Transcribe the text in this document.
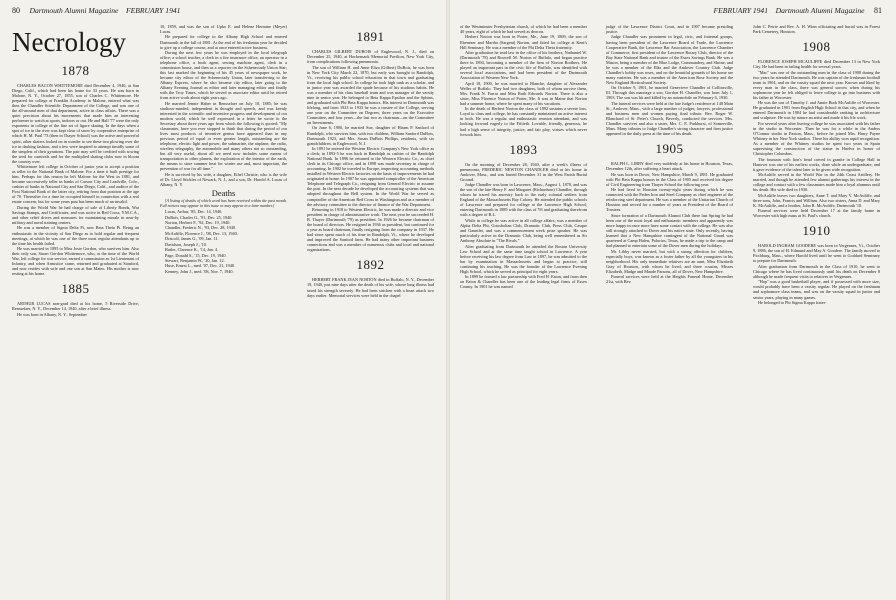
80 Dartmouth Alumni Magazine FEBRUARY 1941
Necrology
1878

CHARLES BACON WHITTEMORE died December 4, 1940, at San Diego, Calif., which had been his home for 33 years. He was born in Malone, N. Y., October 27, 1855, son of Charles C. Whittemore. He prepared for college at Franklin Academy in Malone, entered what was then the Chandler Scientific Department of the College, and was one of the all-around men of that department, active in class affairs. There was a quiet precision about his movements that made him an interesting performer to watch at sports, indoors or out. He and Hall '77 were the only exponents in college of the fine art of figure skating. In the days when a spot of ice in the river was kept clear of snow by cooperative enterprise of which H. M. Paul '73 (then in Thayer School) was the active and powerful spirit, other skaters looked on in wonder to see these two plowing over the ice in dashing fashion, and a few were inspired to attempt timidly some of the simplest of their gyrations. The pair may well be credited with sowing the seed for carnivals and for the multiplied skating clubs now in bloom the country over.

Whittemore left college in October of junior year to accept a position as teller in the National Bank of Malone. For a time it built prestige for him. Perhaps for this reason he left Malone for the West in 1881, and became successively teller in banks of Carson City and Leadville, Colo., cashier of banks in National City and San Diego, Calif., and auditor of the First National Bank of the latter city, retiring from that position at the age of 70. Thereafter for a time he occupied himself in connection with a real estate concern, but for some years past has been much of an invalid.

During the World War he had charge of sale of Liberty Bonds, War Savings Stamps, and Certificates, and was active in Red Cross, Y.M.C.A., and other relief drives and measures for maintaining morale in near-by military and naval training centers.

He was a member of Sigma Delta Pi, now Beta Theta Pi. Being an enthusiastic in the vicinity of San Diego as to hold regular and frequent meetings, at which he was one of the three most regular attendants up to the time his health failed.

He was married in 1895 to Miss Josie Gordon, who survives him. Also their only son, Stuart Gordon Whittemore, who, at the time of the World War, left college for war service, earned a commission as 1st Lieutenant of Infantry, and when Armistice came, returned and graduated at Stanford, and now resides with wife and one son at San Mateo. His mother is now resting at his home.

1885

ARTHUR LUCAS non-grad died at his home, 5 Riverside Drive, Rensselaer, N. Y., December 14, 1940, after a brief illness.

He was born in Albany, N. Y., September

10, 1859, and was the son of Upko E. and Helene Hermine (Meyer) Lucas.

He prepared for college in the Albany High School and entered Dartmouth in the fall of 1881. At the end of his freshman year he decided to give up a college course, and at once entered active business.

During the next few years he was employed in the local telegraph office; a school teacher, a clerk in a fire insurance office, an operator in a telephone office, a book agent, sewing machine agent, clerk in a commission house, and then as a reporter on the Schenectady Union Star; this last marked the beginning of his 45 years of newspaper work, he became city editor of the Schenectady Union, later transferring to the Albany Express, where he also became city editor, later going to the Albany Evening Journal as editor and later managing editor and finally with the Troy Times, which he served as associate editor until he retired from active work about eight years ago.

He married Jennie Haber in Rensselaer on July 10, 1885; he was studious-minded, independent in thought and speech, and was keenly interested in the scientific and inventive progress and development of our modern world, which he well expressed in a letter he wrote to the Secretary about three years ago from which the following is quoted: "My classmates, have you ever stopped to think that during the period of our lives most products of inventive genius have appeared than in any previous period of equal or even greater length, outstanding are the telephone, electric light and power, the submarine, the airplane, the radio, wireless telegraphy, the automobile and many others not so outstanding, but all very useful, about all we need now includes some means of transportation to other planets, the exploration of the interior of the earth, the means to store summer heat for winter use and, most important, the prevention of war for all time."

He is survived by his wife, a daughter, Ethel Christie, who is the wife of Dr. Lloyd Stickles of Newark, N. J., and a son, Dr. Harold A. Lucas of Albany, N. Y.

Deaths

[A listing of deaths of which word has been received within the past month. Full notices may appear in this issue or may appear in a later number.]

Lucas, Arthur, '85, Dec. 14, 1940.

DuBois, Charles G., '91, Dec. 25, 1940.

Norton, Herbert F., '92, Dec. 19, 1940.

Chandler, Frederic N., '93, Dec. 28, 1940.

McAuliffe, Florence J., '08, Dec. 13, 1940.

Driscoll, James G., '09, Jan. 11.

Davidson, Joseph J., '10.

Butler, Clarence K., '14, Jan. 4.

Page, Donald S., '15, Dec. 19, 1940.

Stewart, Benjamin W., '20, Jan. 12.

Huse, Ernest L., med. '07, Dec. 21, 1940.

Kenney, John J., med. '08, Nov. 7, 1940.

1891

CHARLES GILBERT DUBOIS of Englewood, N. J., died on December 25, 1940, at Hackensack Memorial Pavilion, New York City, from complications following pneumonia.

The son of William H. and Anne Eliza (Gilbert) DuBois, he was born in New York City March 22, 1870, but early was brought to Randolph, Vt., receiving his public school education in that town and graduating from the local high school. In college he took high rank as a scholar, and in junior year was awarded the spade because of his studious habits. He was a member of his class baseball team and was manager of the varsity nine in senior year. He belonged to Beta Kappa Epsilon and the Sphinx, and graduated with Phi Beta Kappa honors. His interest in Dartmouth was lifelong, and from 1923 to 1933 he was a trustee of the College, serving one year on the Committee on Degrees, three years on the Executive Committee, and four years—the last two as chairman—on the Committee on Investments.

On June 6, 1900, he married Sue, daughter of Hiram P. Sanford of Randolph, who survives him, with two children, William Sanford DuBois, Dartmouth 1923, and Mrs. Susan DuBois Phillips, residents, with six grandchildren, in Englewood, N. J.

In 1891 he entered the Western Electric Company's New York office as a clerk; in 1893-5 he was back in Randolph as cashier of the Randolph National Bank. In 1896 he returned to the Western Electric Co., as chief clerk in its Chicago office, and in 1898 was made secretary in charge of accounting. In 1902 he traveled in Europe, inspecting accounting methods installed in Western Electric factories on the basis of improvements he had originated at home. In 1907 he was appointed comptroller of the American Telephone and Telegraph Co., resigning from General Electric to assume the post. In the next decade he developed the accounting systems that was adopted throughout the Bell system. In the World War he served as comptroller of the American Red Cross in Washington and as a member of the advisory committee to the director of finance of the War Department.

Returning in 1918 to Western Electric, he was made a director and vice president in charge of administrative work. The next year he succeeded H. B. Thayer (Dartmouth '79) as president. In 1926 he became chairman of the board of directors. He resigned in 1936 as president, but continued for a year as board chairman, finally resigning from the company in 1937. He had since spent much of his time in Randolph, Vt., where he developed and improved the Sanford farm. He had many other important business connections and was a member of numerous clubs and local and national organizations.

1892

HERBERT FRANK JEAN NORTON died in Buffalo, N. Y., December 19, 1940, just nine days after the death of his wife, whose long illness had taxed his strength severely. He had been stricken with a heart attack two days earlier. Memorial services were held in the chapel

FEBRUARY 1941 Dartmouth Alumni Magazine 81

of the Westminster Presbyterian church, of which he had been a member 40 years, eight of which he had served as deacon.

Herbert Norton was born in Porter, Me., June 19, 1869, the son of Ebenezer and Martha (Sargent) Norton, and fitted for college at Kent's Hill Seminary. He was a member of the Phi Delta Theta fraternity.

After graduation he read law in the office of his brothers, Nathaniel W. (Dartmouth '78) and Roswell M. Norton of Buffalo, and began practice there in 1894, becoming a member of the firm of Norton Brothers. He played an important part in the civic life of Buffalo, was identified with several local associations, and had been president of the Dartmouth Association of Western New York.

April 18, 1900, he was married to Blanche, daughter of Alexander Weller of Buffalo. They had two daughters, both of whom survive them, Mrs. Frank N. Farrar and Miss Ruth Edwards Norton. There is also a sister, Miss Florence Norton of Porter, Me. It was in Maine that Norton had a summer home, where he spent many of his vacations.

In the death of Herbert Norton the class of 1892 sustains a severe loss. Loyal to class and college, he has constantly maintained an active interest in both. He was a regular and enthusiastic reunion attendant, and was looking forward eagerly to the Fiftieth. Lovable, friendly, generous, he had a high sense of integrity, justice, and fair play, virtues which never forsook him.

1893

On the morning of December 28, 1940, after a week's illness of pneumonia, FREDERIC NEWTON CHANDLER died at his home in Andover, Mass., and was buried December 31 in the West Parish Burial Ground.

Judge Chandler was born in Lawrence, Mass., August 1, 1870, and was the son of the late Henry F. and Margaret (Richardson) Chandler, through whom he traced his ancestry back to the early colonial settlers from England of the Massachusetts Bay Colony. He attended the public schools of Lawrence and prepared for college at the Lawrence High School, entering Dartmouth in 1889 with the class of '93 and graduating therefrom with a degree of B.L.

While in college he was active in all college affairs; was a member of Alpha Delta Phi, Griosbolian Club, Dramatic Club, Press Club, Casque and Gauntlet, and was a commencement week prize speaker. He was particularly active in the Dramatic Club, being well remembered as Sir Anthony Absolute in "The Rivals."

After graduating from Dartmouth he attended the Boston University Law School and at the same time taught school in Lawrence. A year before receiving his law degree from Law in 1897, he was admitted to the bar by examination in Massachusetts and began to practice, still continuing his teaching. He was the founder of the Lawrence Evening High School, which he served as principal for eight years.

In 1899 he formed a law partnership with Fred H. Eaton, and from then on Eaton & Chandler has been one of the leading legal firms of Essex County. In 1901 he was named

judge of the Lawrence District Court, and in 1907 became presiding justice.

Judge Chandler was prominent in legal, civic, and fraternal groups, having been president of the Lawrence Board of Trade, the Lawrence Cooperative Bank, the Lawrence Bar Association, the Lawrence Chamber of Commerce, first president of the Lawrence Rotary Club, director of the Bay State National Bank and trustee of the Essex Savings Bank. He was a Mason, being a member of the Blue Lodge, Commandery, and Shrine; and he was a member of the Elks and the Andover Country Club. Judge Chandler's hobby was roses, and on the beautiful grounds of his home are many varieties. He was a member of the American Rose Society and the New England Horticultural Society.

On October 9, 1901, he married Genevieve Chandler of Collinsville, Ill. Through this marriage a son, Gordon H. Chandler, was born July 1, 1903. The son was hit and killed by an automobile on February 6, 1930.

The funeral services were held at the late Judge's residence at 148 Main St., Andover, Mass., with a large number of judges, lawyers, professional and business men and women paying final tribute. Rev. Roger W. Blanchard of St. Peter's Church, Beverly, conducted the services. Mrs. Chandler survives and also a sister, Mrs. C. E. Parkhurst, of Somerville, Mass. Many tributes to Judge Chandler's strong character and firm justice appeared in the daily press at the time of his death.

1905

RALPH L. LIBBY died very suddenly at his home in Houston, Texas, December 12th, after suffering a heart attack.

He was born in Dover, New Hampshire, March 9, 1881. He graduated with Phi Beta Kappa honors in the Class of 1905 and received his degree of Civil Engineering from Thayer School the following year.

He had lived in Houston twenty-eight years during which he was connected with the Peden Iron and Steel Company as chief engineer of the reinforcing steel department. He was a member of the Unitarian Church of Houston and served for a number of years as President of the Board of Trustees.

Since formation of a Dartmouth Alumni Club there last Spring he had been one of the most loyal and enthusiastic members and apparently was more happy in once more have some contact with the college. He was also still strongly attached to Dover and his native state. Only recently, having learned that a New Hampshire contingent of the National Guard was quartered at Camp Hulen, Palacios, Texas, he made a trip to the camp and had planned to entertain some of the Dover men during the holidays.

Mr. Libby never married, but with a strong affection for children, especially boys, was known as a foster father by all the youngsters in his neighborhood. His only immediate relatives are an aunt, Miss Elizabeth Gray of Houston, with whom he lived, and three cousins, Misses Elizabeth, Madge and Maude Parsons, all of Dover, New Hampshire.

Funeral services were held at the Heights Funeral Home, December 21st, with Rev.

John C. Petrie and Rev. A. H. Winn officiating and burial was in Forest Park Cemetery, Houston.

1908

FLORENCE JOSEPH MCAULIFFE died December 13 in New York City. He had been in failing health for several years.

"Mac" was one of the outstanding men in the class of 1908 during the two years he attended Dartmouth. He was captain of the freshman football team in 1904, and on the varsity squad the next year. Known and liked by every man in the class, there was general sorrow when during his sophomore year he felt obliged to leave college to go into business with his father in Worcester.

He was the son of Timothy J. and Annie Burk McAuliffe of Worcester. He graduated in 1901 from English High School in that city, and when he entered Dartmouth in 1904 he had considerable ranking in architecture and sculpture. He was by nature an artist and made it his life work.

For several years after leaving college he was associated with his father in the studio in Worcester. Then he was for a while in the Anders O'Connor studio in Paxton, Mass., before he joined Mrs. Harry Payne Whitney in her New York studios. There his ability won rapid recognition. As a member of the Whitney studios he spent two years in Spain supervising the construction of the statue in Huelva in honor of Christopher Columbus.

The fountain with lion's head carved in granite in College Hall in Hanover was one of his earliest works, done while an undergraduate, and it gave evidence of the talent later to be given wide recognition.

McAuliffe served in the World War in the 24th Coast Artillery. He married, and though he attended few alumni gatherings his interest in the college and contact with a few classmates made him a loyal alumnus until his death. His wife died in 1930.

McAuliffe leaves two daughters, Anne T. and Mary V. McAuliffe, and three sons, John, Francis and William. Also two sisters, Anna D. and Mary K. McAuliffe, and a brother, John B. McAuliffe, Dartmouth '18.

Funeral services were held December 17 at the family home in Worcester with high mass at St. Paul's church.

1910

HAROLD INGHAM GOODERE was born in Vergennes, Vt., October 9, 1886, the son of H. Edmund and May A. Goodere. The family moved to Fitchburg, Mass., where Harold lived until he went to Goddard Seminary to prepare for Dartmouth.

After graduation from Dartmouth in the Class of 1910, he went to Chicago where he has lived continuously until his death on December 8 although he made frequent visits to relatives in Vergennes.

"Hap" was a good basketball player, and if possessed with more size, would probably have been a varsity regular. He played on the freshman and sophomore class teams, and was on the varsity squad in junior and senior years, playing in many games.

He belonged to Phi Sigma Kappa frater-
